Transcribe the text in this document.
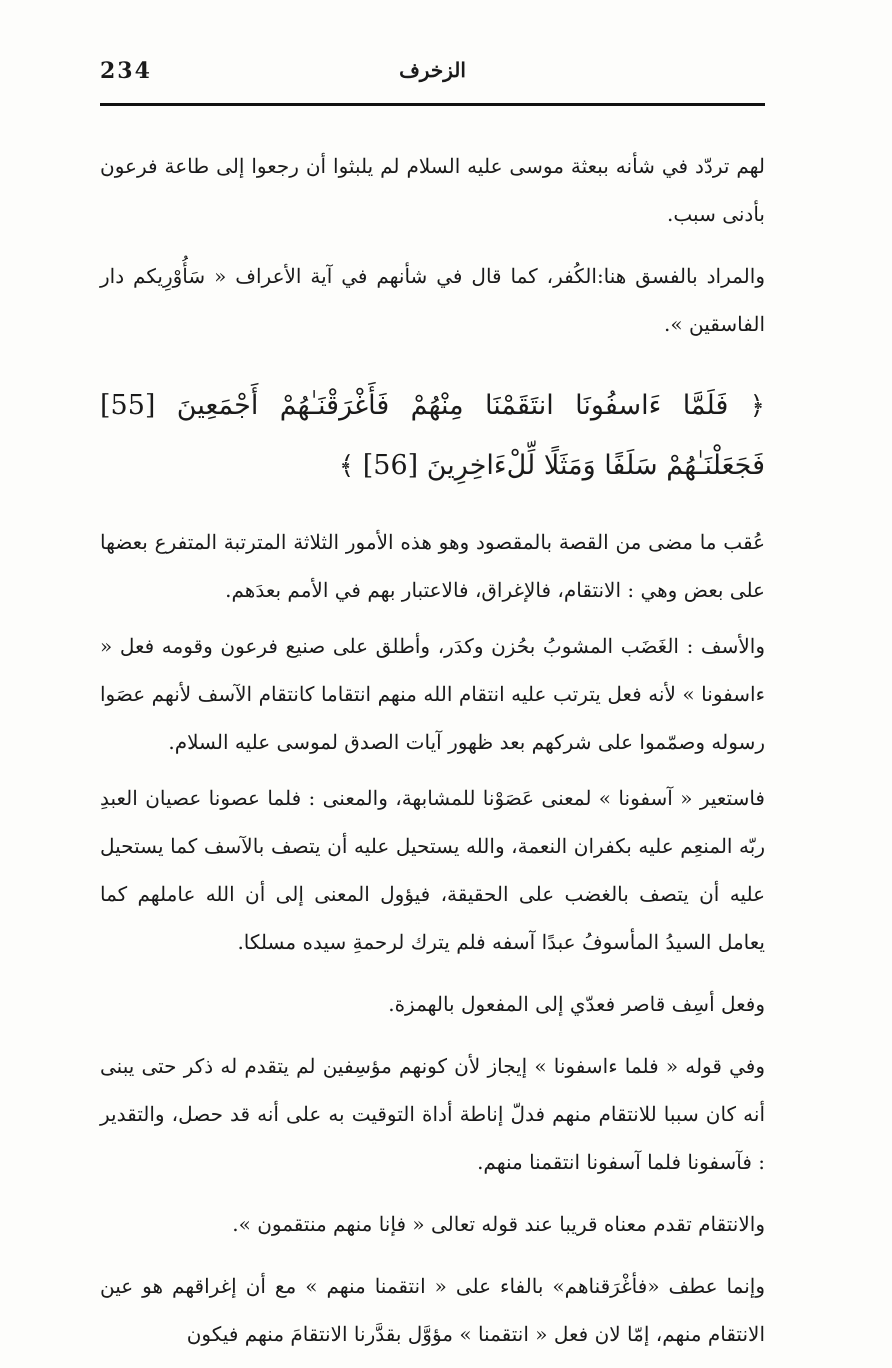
234	الزخرف

لهم تردّد في شأنه ببعثة موسى عليه السلام لم يلبثوا أن رجعوا إلى طاعة فرعون بأدنى سبب.

والمراد بالفسق هنا:الكُفر، كما قال في شأنهم في آية الأعراف « سَأُوْرِيكم دار الفاسقين ».

﴿ فَلَمَّا ءَاسفُونَا انتَقَمْنَا مِنْهُمْ فَأَغْرَقْنَـٰهُمْ أَجْمَعِينَ [55] فَجَعَلْنَـٰهُمْ سَلَفًا وَمَثَلًا لِّلْءَاخِرِينَ [56] ﴾

عُقب ما مضى من القصة بالمقصود وهو هذه الأمور الثلاثة المترتبة المتفرع بعضها على بعض وهي : الانتقام، فالإغراق، فالاعتبار بهم في الأمم بعدَهم.

والأسف : الغَضَب المشوبُ بحُزن وكدَر، وأطلق على صنيع فرعون وقومه فعل « ءاسفونا » لأنه فعل يترتب عليه انتقام الله منهم انتقاما كانتقام الآسف لأنهم عصَوا رسوله وصمّموا على شركهم بعد ظهور آيات الصدق لموسى عليه السلام.

فاستعير « آسفونا » لمعنى عَصَوْنا للمشابهة، والمعنى : فلما عصونا عصيان العبدِ ربّه المنعِم عليه بكفران النعمة، والله يستحيل عليه أن يتصف بالآسف كما يستحيل عليه أن يتصف بالغضب على الحقيقة، فيؤول المعنى إلى أن الله عاملهم كما يعامل السيدُ المأسوفُ عبدًا آسفه فلم يترك لرحمةِ سيده مسلكا.

وفعل أسِف قاصر فعدّي إلى المفعول بالهمزة.

وفي قوله « فلما ءاسفونا » إيجاز لأن كونهم مؤسِفين لم يتقدم له ذكر حتى يبنى أنه كان سببا للانتقام منهم فدلّ إناطة أداة التوقيت به على أنه قد حصل، والتقدير : فآسفونا فلما آسفونا انتقمنا منهم.

والانتقام تقدم معناه قريبا عند قوله تعالى « فإنا منهم منتقمون ».

وإنما عطف «فأغْرَقناهم» بالفاء على « انتقمنا منهم » مع أن إغراقهم هو عين الانتقام منهم، إمّا لان فعل « انتقمنا » مؤوَّل بقدَّرنا الانتقامَ منهم فيكون
